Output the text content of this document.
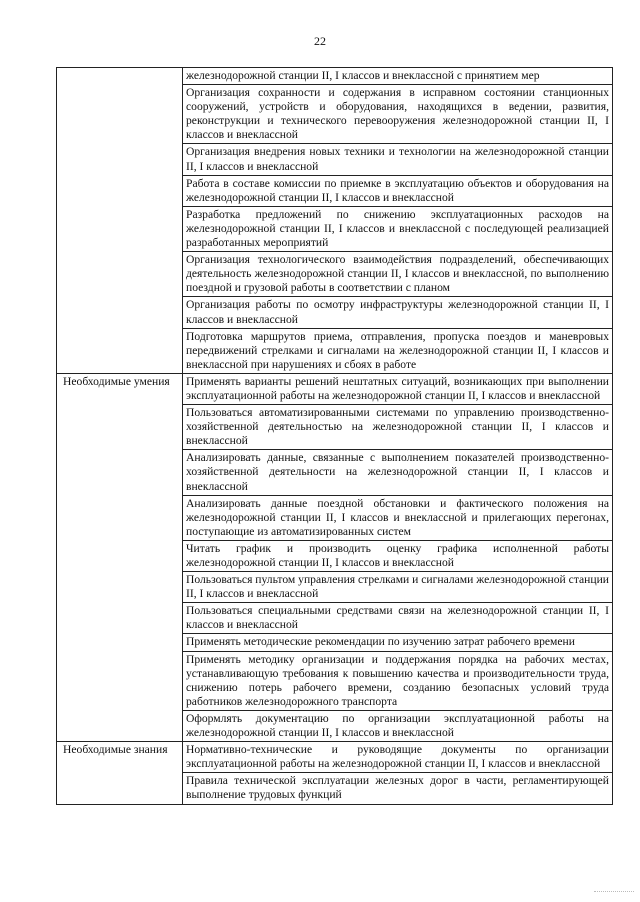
22
	железнодорожной станции II, I классов и внеклассной с принятием мер
	Организация сохранности и содержания в исправном состоянии станционных сооружений, устройств и оборудования, находящихся в ведении, развития, реконструкции и технического перевооружения железнодорожной станции II, I классов и внеклассной
	Организация внедрения новых техники и технологии на железнодорожной станции II, I классов и внеклассной
	Работа в составе комиссии по приемке в эксплуатацию объектов и оборудования на железнодорожной станции II, I классов и внеклассной
	Разработка предложений по снижению эксплуатационных расходов на железнодорожной станции II, I классов и внеклассной с последующей реализацией разработанных мероприятий
	Организация технологического взаимодействия подразделений, обеспечивающих деятельность железнодорожной станции II, I классов и внеклассной, по выполнению поездной и грузовой работы в соответствии с планом
	Организация работы по осмотру инфраструктуры железнодорожной станции II, I классов и внеклассной
	Подготовка маршрутов приема, отправления, пропуска поездов и маневровых передвижений стрелками и сигналами на железнодорожной станции II, I классов и внеклассной при нарушениях и сбоях в работе
Необходимые умения	Применять варианты решений нештатных ситуаций, возникающих при выполнении эксплуатационной работы на железнодорожной станции II, I классов и внеклассной
	Пользоваться автоматизированными системами по управлению производственно-хозяйственной деятельностью на железнодорожной станции II, I классов и внеклассной
	Анализировать данные, связанные с выполнением показателей производственно-хозяйственной деятельности на железнодорожной станции II, I классов и внеклассной
	Анализировать данные поездной обстановки и фактического положения на железнодорожной станции II, I классов и внеклассной и прилегающих перегонах, поступающие из автоматизированных систем
	Читать график и производить оценку графика исполненной работы железнодорожной станции II, I классов и внеклассной
	Пользоваться пультом управления стрелками и сигналами железнодорожной станции II, I классов и внеклассной
	Пользоваться специальными средствами связи на железнодорожной станции II, I классов и внеклассной
	Применять методические рекомендации по изучению затрат рабочего времени
	Применять методику организации и поддержания порядка на рабочих местах, устанавливающую требования к повышению качества и производительности труда, снижению потерь рабочего времени, созданию безопасных условий труда работников железнодорожного транспорта
	Оформлять документацию по организации эксплуатационной работы на железнодорожной станции II, I классов и внеклассной
Необходимые знания	Нормативно-технические и руководящие документы по организации эксплуатационной работы на железнодорожной станции II, I классов и внеклассной
	Правила технической эксплуатации железных дорог в части, регламентирующей выполнение трудовых функций
